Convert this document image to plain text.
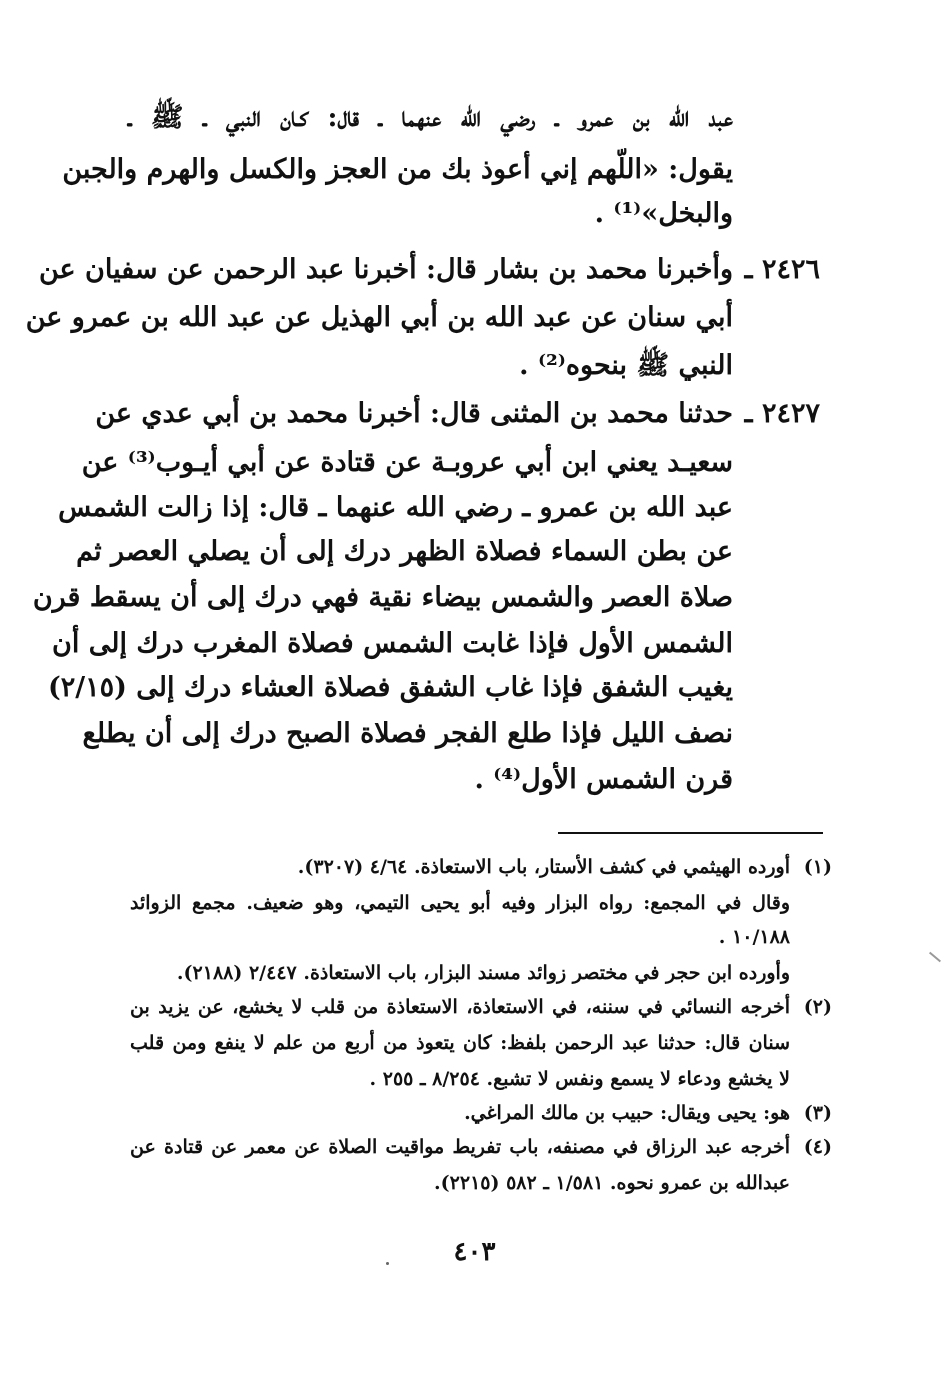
عبد الله بن عمرو ـ رضي الله عنهما ـ قال: كـان النبي ـ ﷺ ـ
يقول: «اللّهم إني أعوذ بك من العجز والكسل والهرم والجبن
والبخل»⁽¹⁾ .
٢٤٢٦ ـ
وأخبرنا محمد بن بشار قال: أخبرنا عبد الرحمن عن سفيان عن
أبي سنان عن عبد الله بن أبي الهذيل عن عبد الله بن عمرو عن
النبي ﷺ بنحوه⁽²⁾ .
٢٤٢٧ ـ
حدثنا محمد بن المثنى قال: أخبرنا محمد بن أبي عدي عن
سعيـد يعني ابن أبي عروبـة عن قتادة عن أبي أيـوب⁽³⁾ عن
عبد الله بن عمرو ـ رضي الله عنهما ـ قال: إذا زالت الشمس
عن بطن السماء فصلاة الظهر درك إلى أن يصلي العصر ثم
صلاة العصر والشمس بيضاء نقية فهي درك إلى أن يسقط قرن
الشمس الأول فإذا غابت الشمس فصلاة المغرب درك إلى أن
يغيب الشفق فإذا غاب الشفق فصلاة العشاء درك إلى (٢/١٥)
نصف الليل فإذا طلع الفجر فصلاة الصبح درك إلى أن يطلع
قرن الشمس الأول⁽⁴⁾ .
(١)
أورده الهيثمي في كشف الأستار، باب الاستعاذة. ٤/٦٤ (٣٢٠٧).
وقال في المجمع: رواه البزار وفيه أبو يحيى التيمي، وهو ضعيف. مجمع الزوائد
١٠/١٨٨ .
وأورده ابن حجر في مختصر زوائد مسند البزار، باب الاستعاذة. ٢/٤٤٧ (٢١٨٨).
(٢)
أخرجه النسائي في سننه، في الاستعاذة، الاستعاذة من قلب لا يخشع، عن يزيد بن
سنان قال: حدثنا عبد الرحمن بلفظ: كان يتعوذ من أربع من علم لا ينفع ومن قلب
لا يخشع ودعاء لا يسمع ونفس لا تشبع. ٨/٢٥٤ ـ ٢٥٥ .
(٣)
هو: يحيى ويقال: حبيب بن مالك المراغي.
(٤)
أخرجه عبد الرزاق في مصنفه، باب تفريط مواقيت الصلاة عن معمر عن قتادة عن
عبدالله بن عمرو نحوه. ١/٥٨١ ـ ٥٨٢ (٢٢١٥).
٤٠٣
